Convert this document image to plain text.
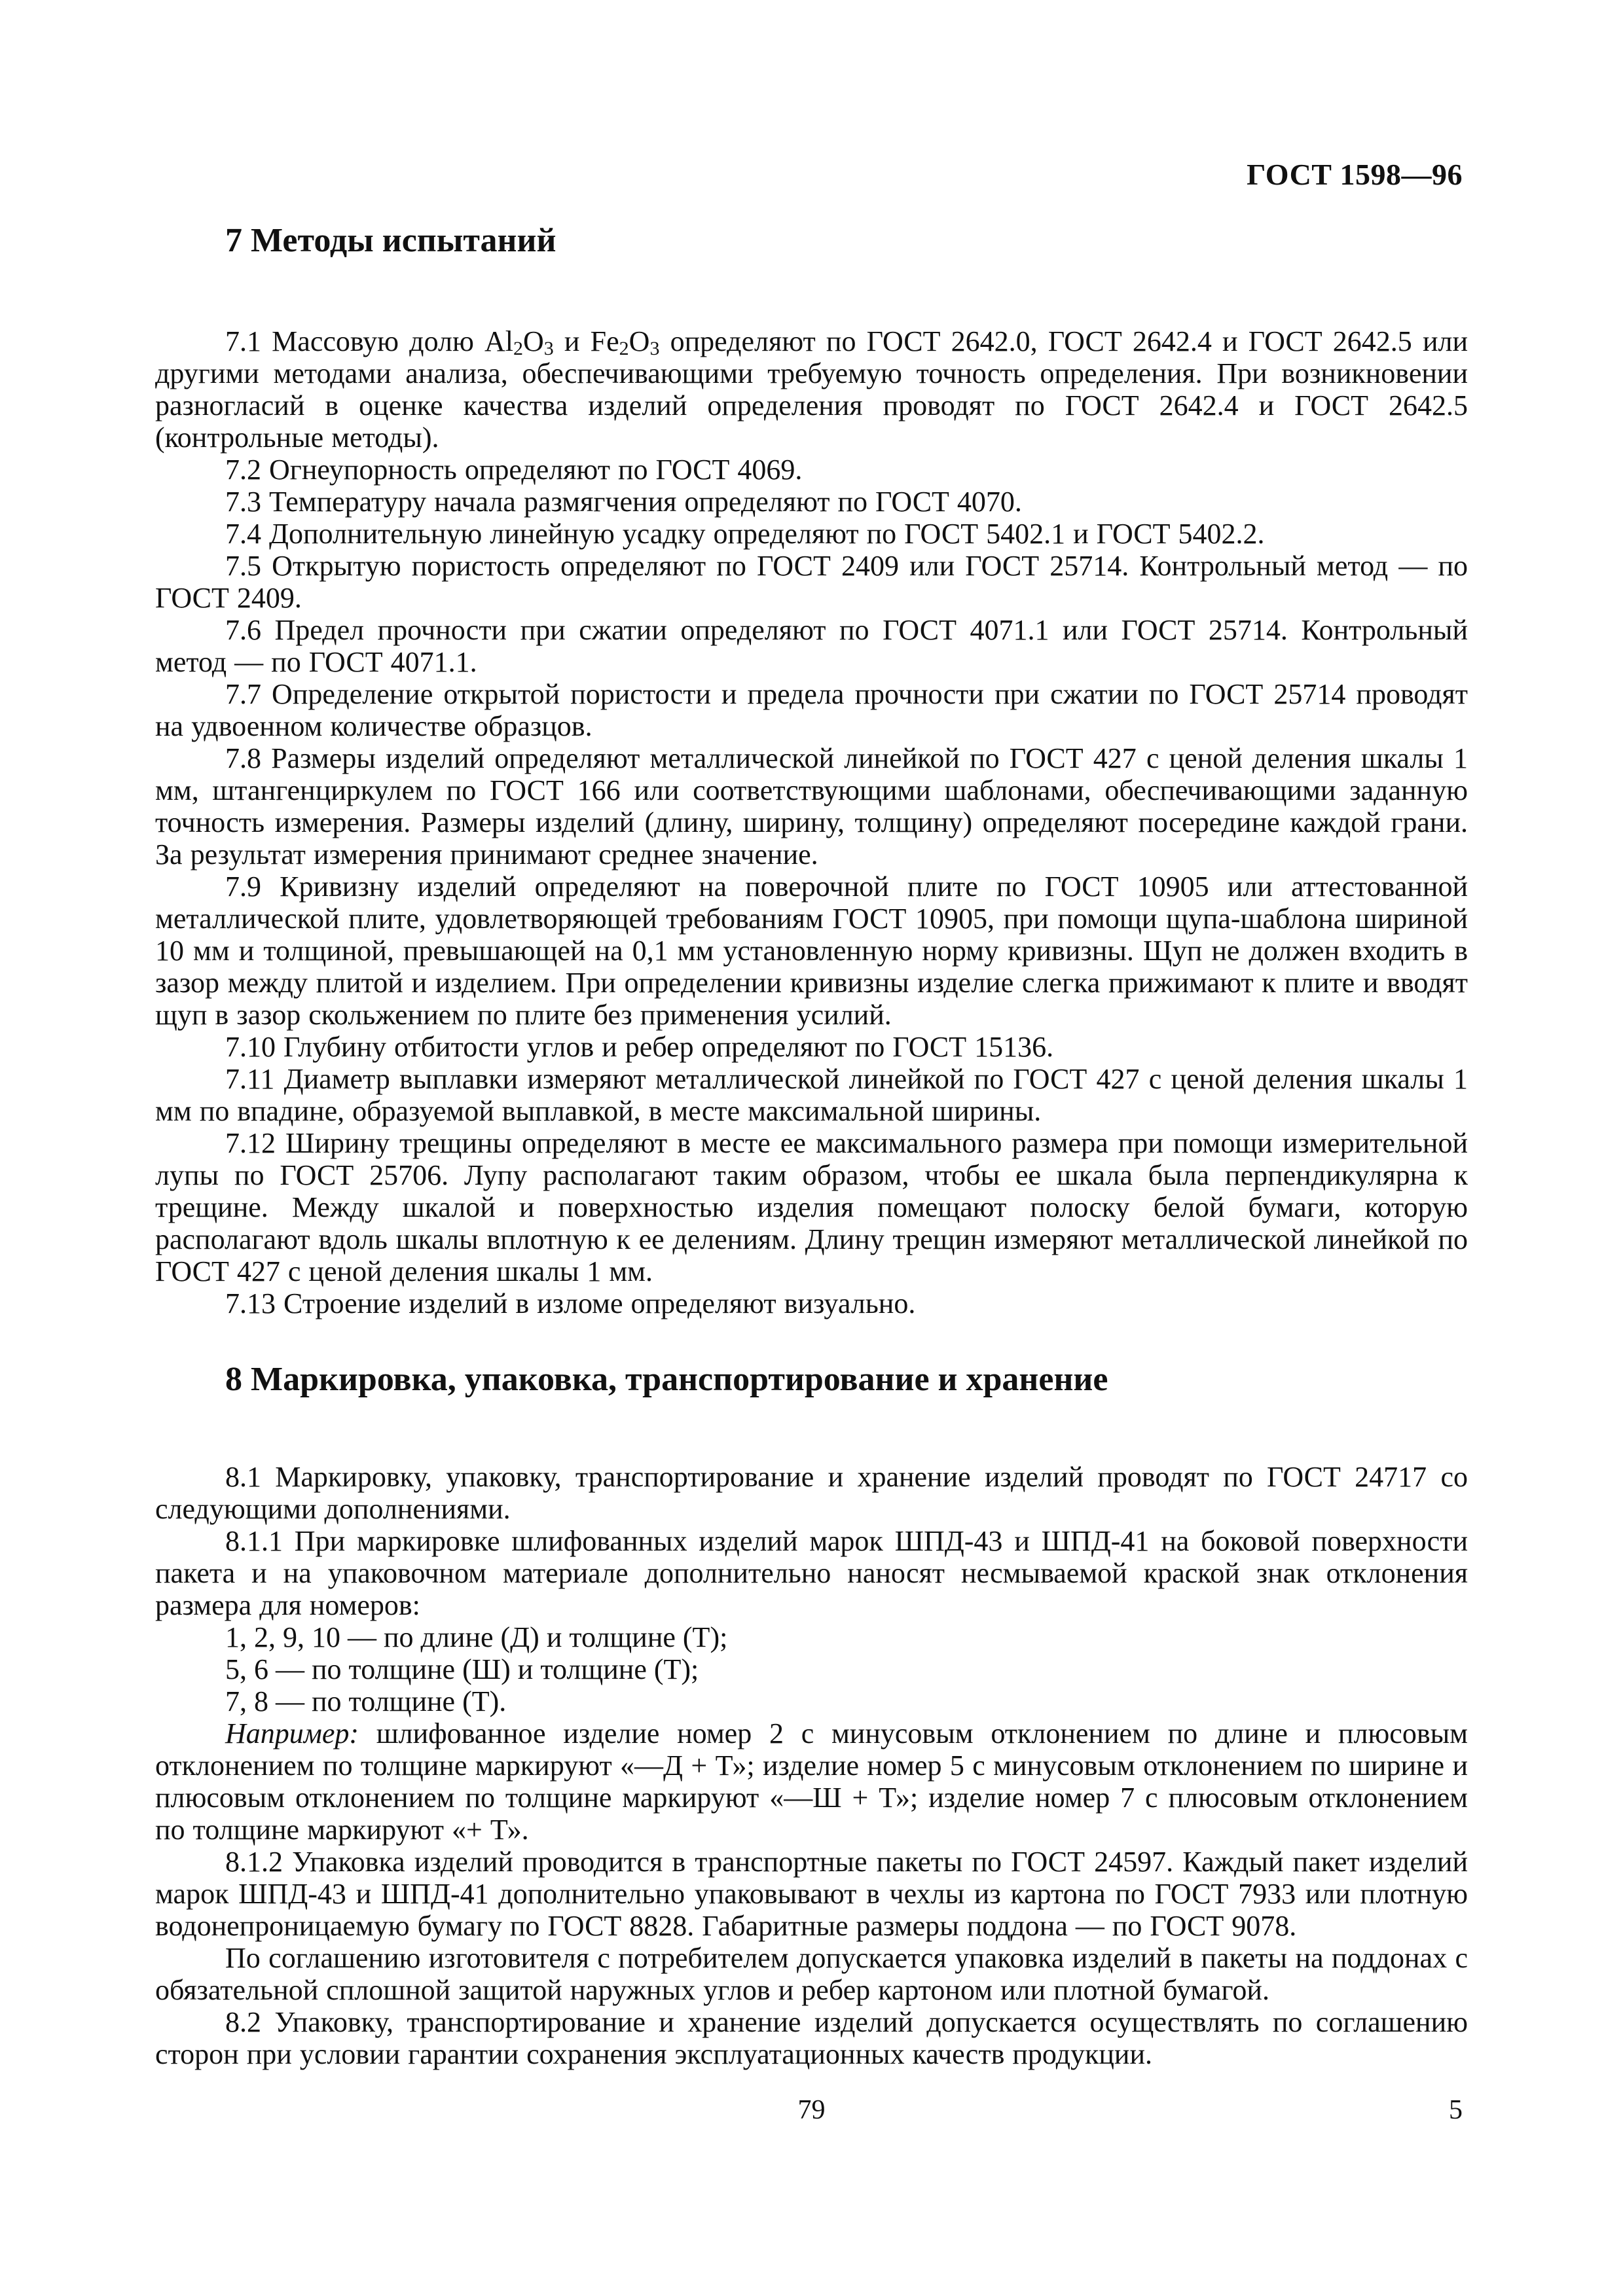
ГОСТ 1598—96
7 Методы испытаний

7.1 Массовую долю $Al_2O_3$ и $Fe_2O_3$ определяют по ГОСТ 2642.0, ГОСТ 2642.4 и ГОСТ 2642.5 или другими методами анализа, обеспечивающими требуемую точность определения. При возникновении разногласий в оценке качества изделий определения проводят по ГОСТ 2642.4 и ГОСТ 2642.5 (контрольные методы).

7.2 Огнеупорность определяют по ГОСТ 4069.

7.3 Температуру начала размягчения определяют по ГОСТ 4070.

7.4 Дополнительную линейную усадку определяют по ГОСТ 5402.1 и ГОСТ 5402.2.

7.5 Открытую пористость определяют по ГОСТ 2409 или ГОСТ 25714. Контрольный метод — по ГОСТ 2409.

7.6 Предел прочности при сжатии определяют по ГОСТ 4071.1 или ГОСТ 25714. Контрольный метод — по ГОСТ 4071.1.

7.7 Определение открытой пористости и предела прочности при сжатии по ГОСТ 25714 проводят на удвоенном количестве образцов.

7.8 Размеры изделий определяют металлической линейкой по ГОСТ 427 с ценой деления шкалы 1 мм, штангенциркулем по ГОСТ 166 или соответствующими шаблонами, обеспечивающими заданную точность измерения. Размеры изделий (длину, ширину, толщину) определяют посередине каждой грани. За результат измерения принимают среднее значение.

7.9 Кривизну изделий определяют на поверочной плите по ГОСТ 10905 или аттестованной металлической плите, удовлетворяющей требованиям ГОСТ 10905, при помощи щупа-шаблона шириной 10 мм и толщиной, превышающей на 0,1 мм установленную норму кривизны. Щуп не должен входить в зазор между плитой и изделием. При определении кривизны изделие слегка прижимают к плите и вводят щуп в зазор скольжением по плите без применения усилий.

7.10 Глубину отбитости углов и ребер определяют по ГОСТ 15136.

7.11 Диаметр выплавки измеряют металлической линейкой по ГОСТ 427 с ценой деления шкалы 1 мм по впадине, образуемой выплавкой, в месте максимальной ширины.

7.12 Ширину трещины определяют в месте ее максимального размера при помощи измерительной лупы по ГОСТ 25706. Лупу располагают таким образом, чтобы ее шкала была перпендикулярна к трещине. Между шкалой и поверхностью изделия помещают полоску белой бумаги, которую располагают вдоль шкалы вплотную к ее делениям. Длину трещин измеряют металлической линейкой по ГОСТ 427 с ценой деления шкалы 1 мм.

7.13 Строение изделий в изломе определяют визуально.

8 Маркировка, упаковка, транспортирование и хранение

8.1 Маркировку, упаковку, транспортирование и хранение изделий проводят по ГОСТ 24717 со следующими дополнениями.

8.1.1 При маркировке шлифованных изделий марок ШПД-43 и ШПД-41 на боковой поверхности пакета и на упаковочном материале дополнительно наносят несмываемой краской знак отклонения размера для номеров:

1, 2, 9, 10 — по длине (Д) и толщине (Т);

5, 6 — по толщине (Ш) и толщине (Т);

7, 8 — по толщине (Т).

Например: шлифованное изделие номер 2 с минусовым отклонением по длине и плюсовым отклонением по толщине маркируют «—Д + Т»; изделие номер 5 с минусовым отклонением по ширине и плюсовым отклонением по толщине маркируют «—Ш + Т»; изделие номер 7 с плюсовым отклонением по толщине маркируют «+ Т».

8.1.2 Упаковка изделий проводится в транспортные пакеты по ГОСТ 24597. Каждый пакет изделий марок ШПД-43 и ШПД-41 дополнительно упаковывают в чехлы из картона по ГОСТ 7933 или плотную водонепроницаемую бумагу по ГОСТ 8828. Габаритные размеры поддона — по ГОСТ 9078.

По соглашению изготовителя с потребителем допускается упаковка изделий в пакеты на поддонах с обязательной сплошной защитой наружных углов и ребер картоном или плотной бумагой.

8.2 Упаковку, транспортирование и хранение изделий допускается осуществлять по соглашению сторон при условии гарантии сохранения эксплуатационных качеств продукции.

79	5
